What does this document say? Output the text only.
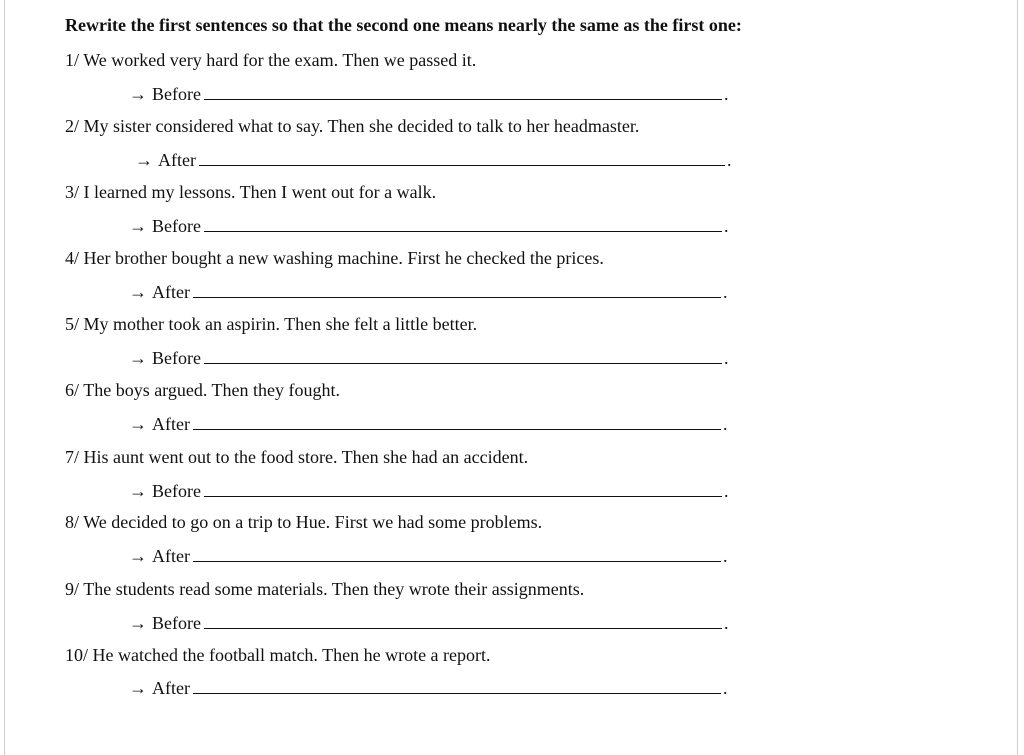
Rewrite the first sentences so that the second one means nearly the same as the first one:
1/ We worked very hard for the exam. Then we passed it.
→ Before	.
2/ My sister considered what to say. Then she decided to talk to her headmaster.
→ After	.
3/ I learned my lessons. Then I went out for a walk.
→ Before	.
4/ Her brother bought a new washing machine. First he checked the prices.
→ After	.
5/ My mother took an aspirin. Then she felt a little better.
→ Before	.
6/ The boys argued. Then they fought.
→ After	.
7/ His aunt went out to the food store. Then she had an accident.
→ Before	.
8/ We decided to go on a trip to Hue. First we had some problems.
→ After	.
9/ The students read some materials. Then they wrote their assignments.
→ Before	.
10/ He watched the football match. Then he wrote a report.
→ After	.
